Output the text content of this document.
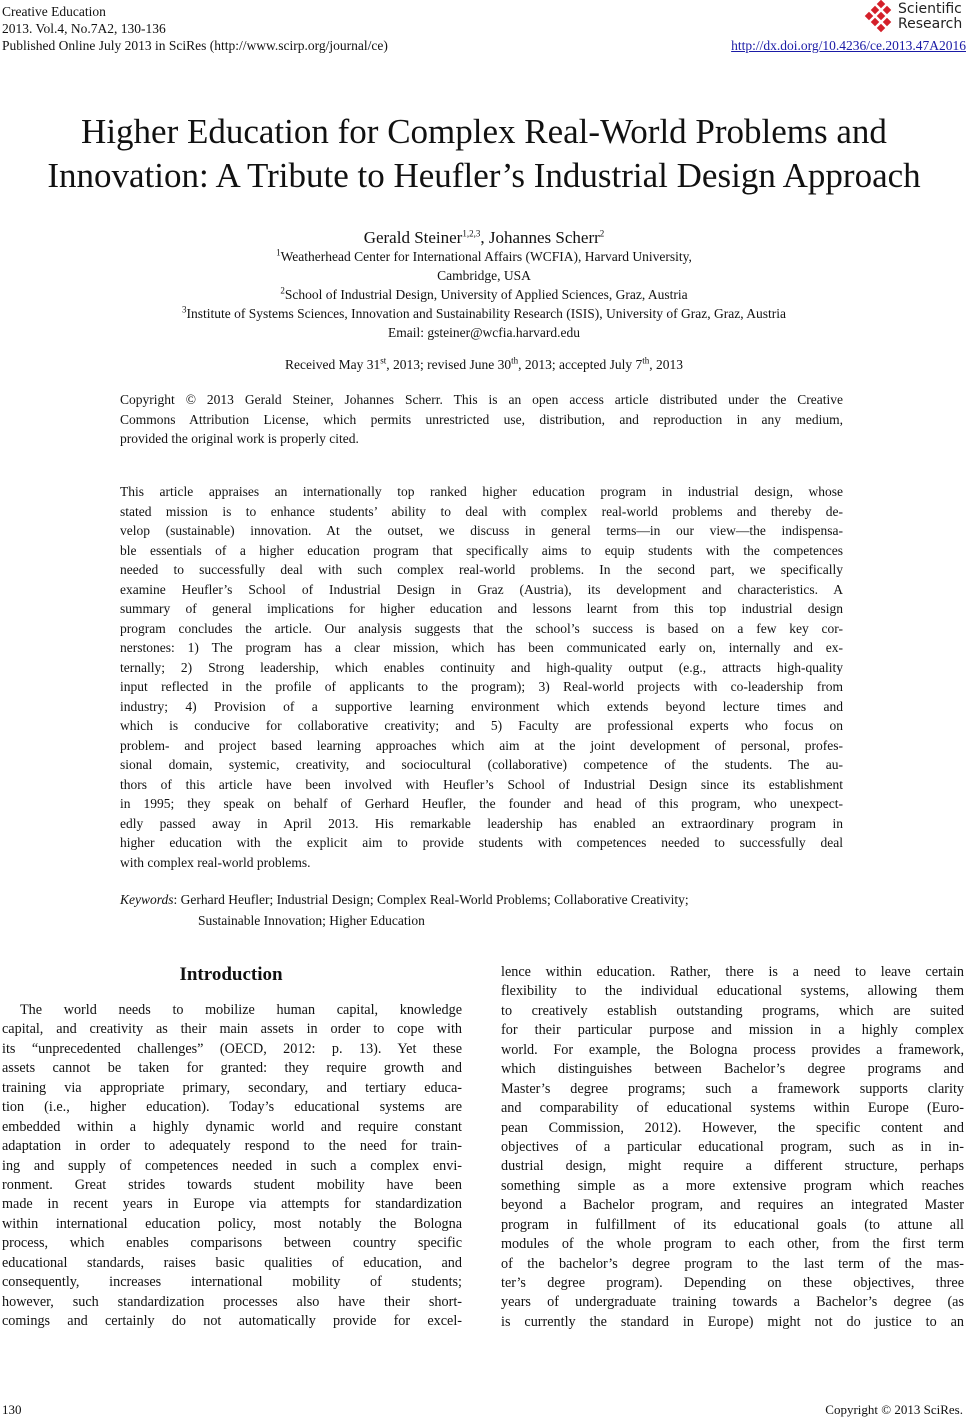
Creative Education
2013. Vol.4, No.7A2, 130-136
Published Online July 2013 in SciRes (http://www.scirp.org/journal/ce)
Scientific
Research
http://dx.doi.org/10.4236/ce.2013.47A2016
Higher Education for Complex Real-World Problems and
Innovation: A Tribute to Heufler’s Industrial Design Approach
Gerald Steiner$^{1,2,3}$, Johannes Scherr$^2$
$^1$Weatherhead Center for International Affairs (WCFIA), Harvard University,
Cambridge, USA
$^2$School of Industrial Design, University of Applied Sciences, Graz, Austria
$^3$Institute of Systems Sciences, Innovation and Sustainability Research (ISIS), University of Graz, Graz, Austria
Email: gsteiner@wcfia.harvard.edu
Received May 31st, 2013; revised June 30th, 2013; accepted July 7th, 2013
Copyright © 2013 Gerald Steiner, Johannes Scherr. This is an open access article distributed under the Creative
Commons Attribution License, which permits unrestricted use, distribution, and reproduction in any medium,
provided the original work is properly cited.
This article appraises an internationally top ranked higher education program in industrial design, whose
stated mission is to enhance students’ ability to deal with complex real-world problems and thereby de-
velop (sustainable) innovation. At the outset, we discuss in general terms—in our view—the indispensa-
ble essentials of a higher education program that specifically aims to equip students with the competences
needed to successfully deal with such complex real-world problems. In the second part, we specifically
examine Heufler’s School of Industrial Design in Graz (Austria), its development and characteristics. A
summary of general implications for higher education and lessons learnt from this top industrial design
program concludes the article. Our analysis suggests that the school’s success is based on a few key cor-
nerstones: 1) The program has a clear mission, which has been communicated early on, internally and ex-
ternally; 2) Strong leadership, which enables continuity and high-quality output (e.g., attracts high-quality
input reflected in the profile of applicants to the program); 3) Real-world projects with co-leadership from
industry; 4) Provision of a supportive learning environment which extends beyond lecture times and
which is conducive for collaborative creativity; and 5) Faculty are professional experts who focus on
problem- and project based learning approaches which aim at the joint development of personal, profes-
sional domain, systemic, creativity, and sociocultural (collaborative) competence of the students. The au-
thors of this article have been involved with Heufler’s School of Industrial Design since its establishment
in 1995; they speak on behalf of Gerhard Heufler, the founder and head of this program, who unexpect-
edly passed away in April 2013. His remarkable leadership has enabled an extraordinary program in
higher education with the explicit aim to provide students with competences needed to successfully deal
with complex real-world problems.
Keywords: Gerhard Heufler; Industrial Design; Complex Real-World Problems; Collaborative Creativity;
Sustainable Innovation; Higher Education
Introduction
The world needs to mobilize human capital, knowledge
capital, and creativity as their main assets in order to cope with
its “unprecedented challenges” (OECD, 2012: p. 13). Yet these
assets cannot be taken for granted: they require growth and
training via appropriate primary, secondary, and tertiary educa-
tion (i.e., higher education). Today’s educational systems are
embedded within a highly dynamic world and require constant
adaptation in order to adequately respond to the need for train-
ing and supply of competences needed in such a complex envi-
ronment. Great strides towards student mobility have been
made in recent years in Europe via attempts for standardization
within international education policy, most notably the Bologna
process, which enables comparisons between country specific
educational standards, raises basic qualities of education, and
consequently, increases international mobility of students;
however, such standardization processes also have their short-
comings and certainly do not automatically provide for excel-
lence within education. Rather, there is a need to leave certain
flexibility to the individual educational systems, allowing them
to creatively establish outstanding programs, which are suited
for their particular purpose and mission in a highly complex
world. For example, the Bologna process provides a framework,
which distinguishes between Bachelor’s degree programs and
Master’s degree programs; such a framework supports clarity
and comparability of educational systems within Europe (Euro-
pean Commission, 2012). However, the specific content and
objectives of a particular educational program, such as in in-
dustrial design, might require a different structure, perhaps
something simple as a more extensive program which reaches
beyond a Bachelor program, and requires an integrated Master
program in fulfillment of its educational goals (to attune all
modules of the whole program to each other, from the first term
of the bachelor’s degree program to the last term of the mas-
ter’s degree program). Depending on these objectives, three
years of undergraduate training towards a Bachelor’s degree (as
is currently the standard in Europe) might not do justice to an
130	Copyright © 2013 SciRes.
